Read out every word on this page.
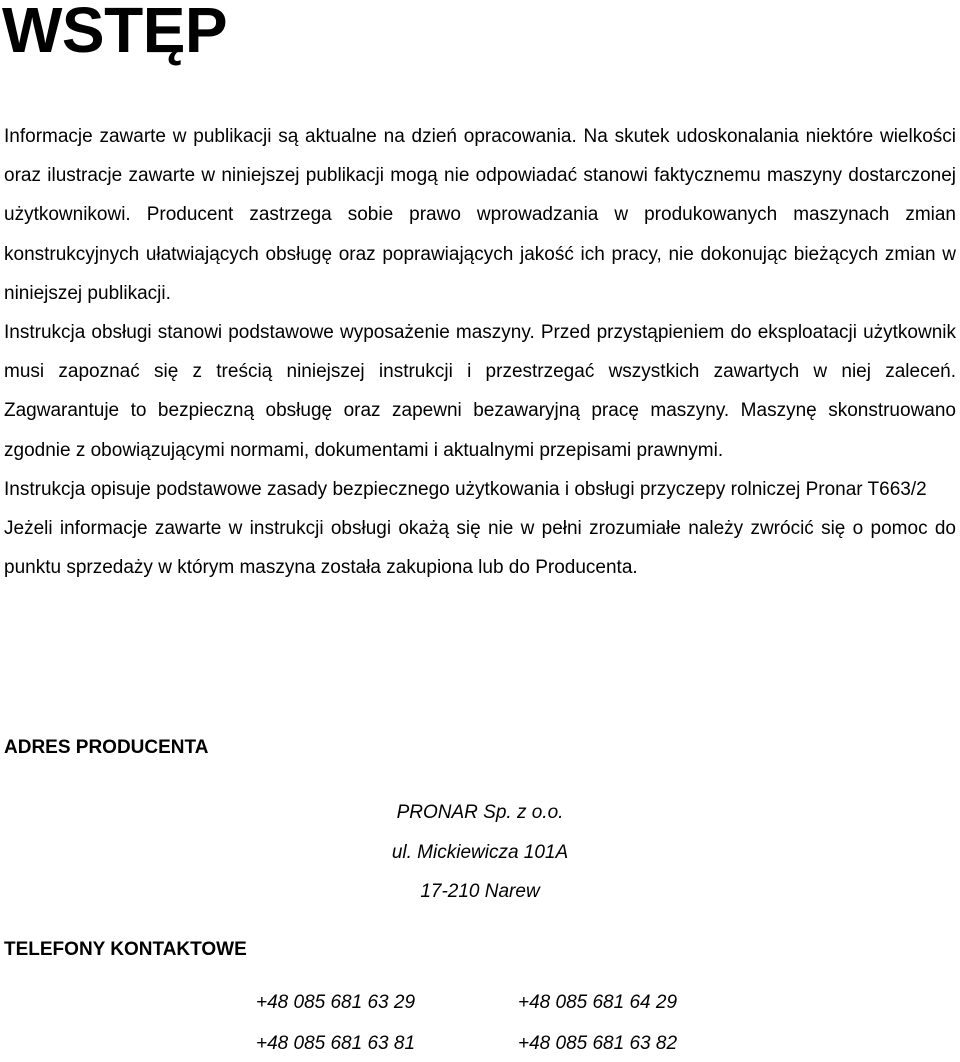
WSTĘP

Informacje zawarte w publikacji są aktualne na dzień opracowania. Na skutek udoskonalania niektóre wielkości oraz ilustracje zawarte w niniejszej publikacji mogą nie odpowiadać stanowi faktycznemu maszyny dostarczonej użytkownikowi. Producent zastrzega sobie prawo wprowadzania w produkowanych maszynach zmian konstrukcyjnych ułatwiających obsługę oraz poprawiających jakość ich pracy, nie dokonując bieżących zmian w niniejszej publikacji.

Instrukcja obsługi stanowi podstawowe wyposażenie maszyny. Przed przystąpieniem do eksploatacji użytkownik musi zapoznać się z treścią niniejszej instrukcji i przestrzegać wszystkich zawartych w niej zaleceń. Zagwarantuje to bezpieczną obsługę oraz zapewni bezawaryjną pracę maszyny. Maszynę skonstruowano zgodnie z obowiązującymi normami, dokumentami i aktualnymi przepisami prawnymi.

Instrukcja opisuje podstawowe zasady bezpiecznego użytkowania i obsługi przyczepy rolniczej Pronar T663/2

Jeżeli informacje zawarte w instrukcji obsługi okażą się nie w pełni zrozumiałe należy zwrócić się o pomoc do punktu sprzedaży w którym maszyna została zakupiona lub do Producenta.

ADRES PRODUCENTA
PRONAR Sp. z o.o.
ul. Mickiewicza 101A
17-210 Narew
TELEFONY KONTAKTOWE
+48 085 681 63 29	+48 085 681 64 29
+48 085 681 63 81	+48 085 681 63 82
